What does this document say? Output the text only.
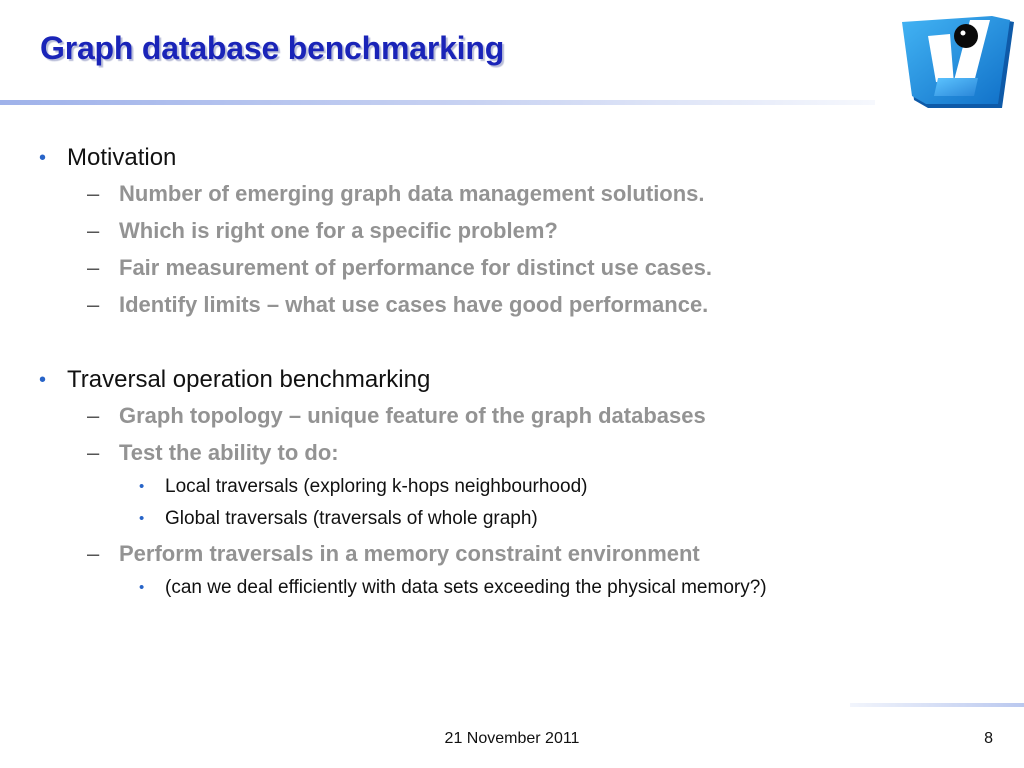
Graph database benchmarking
• Motivation
– Number of emerging graph data management solutions.
– Which is right one for a specific problem?
– Fair measurement of performance for distinct use cases.
– Identify limits – what use cases have good performance.
• Traversal operation benchmarking
– Graph topology – unique feature of the graph databases
– Test the ability to do:
• Local traversals (exploring k-hops neighbourhood)
• Global traversals (traversals of whole graph)
– Perform traversals in a memory constraint environment
• (can we deal efficiently with data sets exceeding the physical memory?)
21 November 2011	8
